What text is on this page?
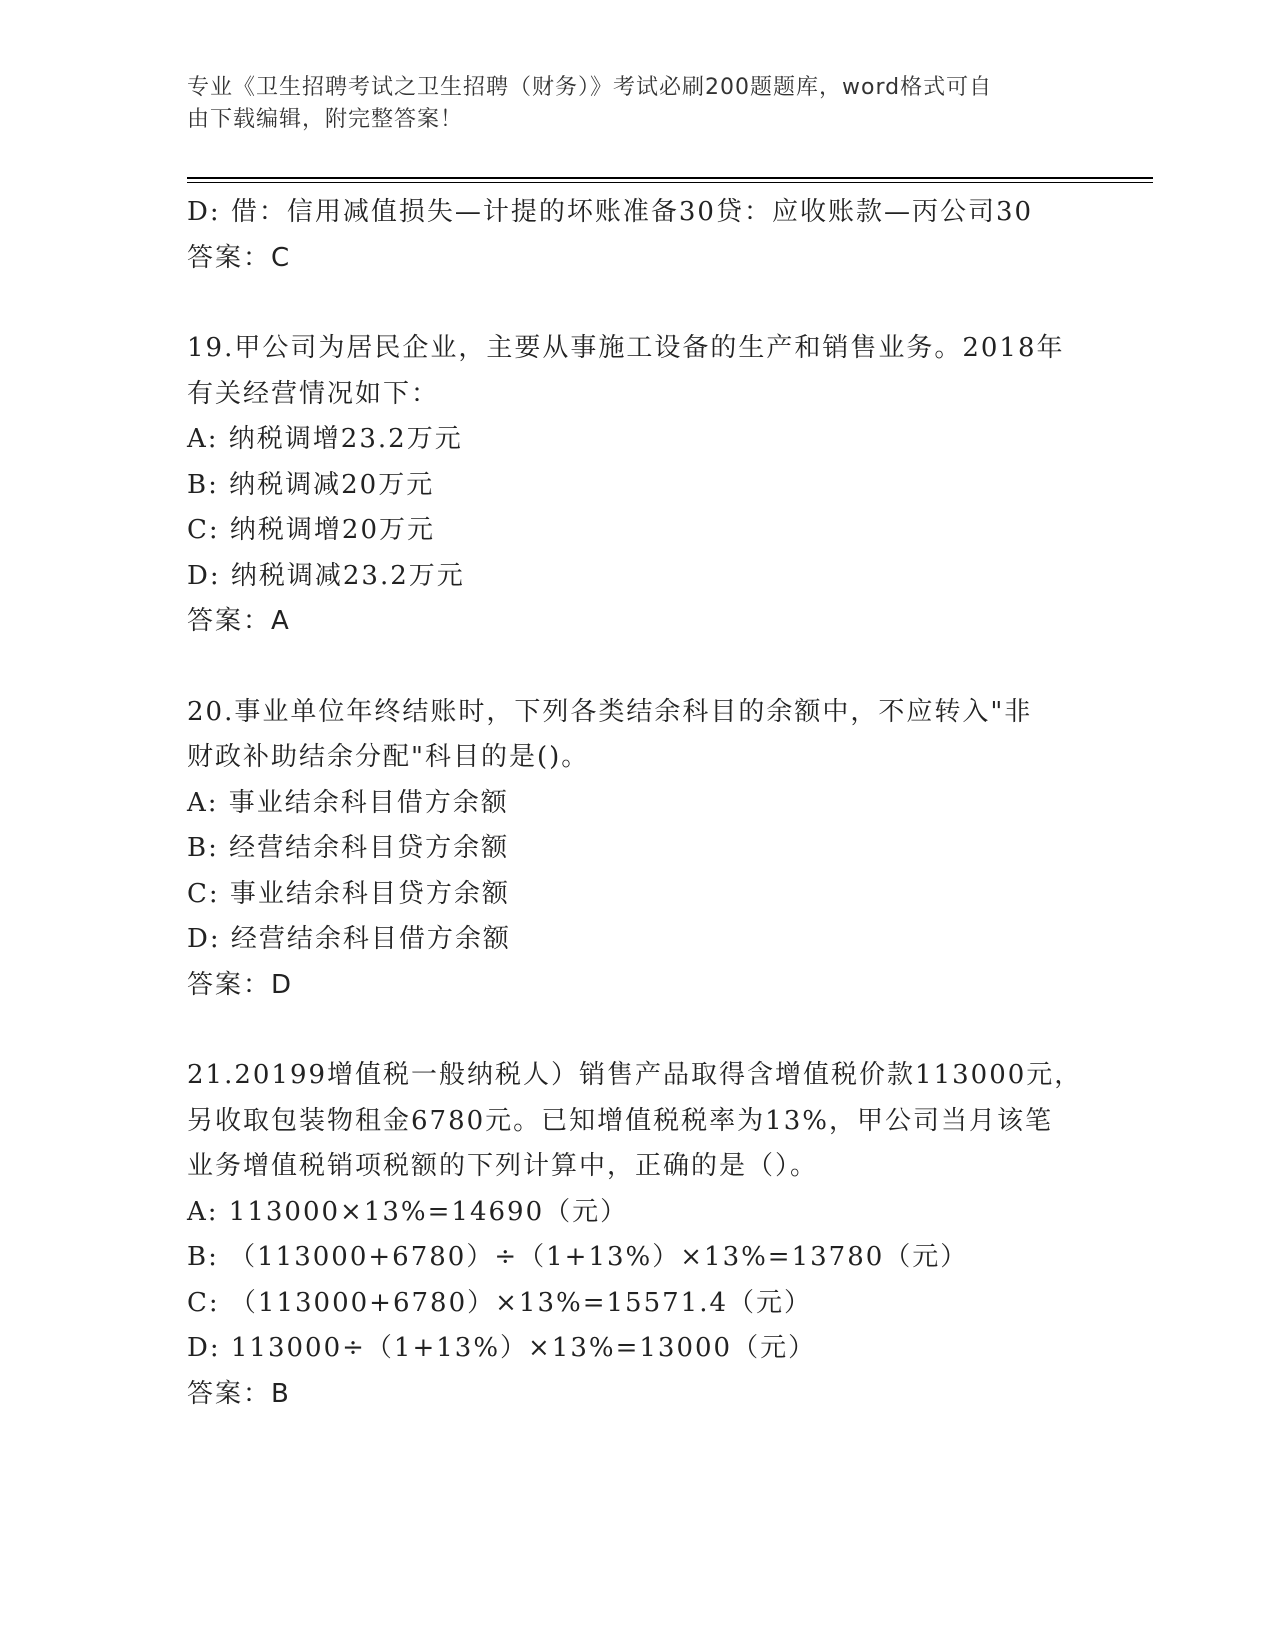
专业《卫生招聘考试之卫生招聘（财务）》考试必刷200题题库，word格式可自
由下载编辑，附完整答案！
D: 借：信用减值损失—计提的坏账准备30贷：应收账款—丙公司30
答案：C
19.甲公司为居民企业，主要从事施工设备的生产和销售业务。2018年
有关经营情况如下：
A: 纳税调增23.2万元
B: 纳税调减20万元
C: 纳税调增20万元
D: 纳税调减23.2万元
答案：A
20.事业单位年终结账时，下列各类结余科目的余额中，不应转入"非
财政补助结余分配"科目的是()。
A: 事业结余科目借方余额
B: 经营结余科目贷方余额
C: 事业结余科目贷方余额
D: 经营结余科目借方余额
答案：D
21.20199增值税一般纳税人）销售产品取得含增值税价款113000元，
另收取包装物租金6780元。已知增值税税率为13%，甲公司当月该笔
业务增值税销项税额的下列计算中，正确的是（）。
A: 113000×13%=14690（元）
B: （113000+6780）÷（1+13%）×13%=13780（元）
C: （113000+6780）×13%=15571.4（元）
D: 113000÷（1+13%）×13%=13000（元）
答案：B
